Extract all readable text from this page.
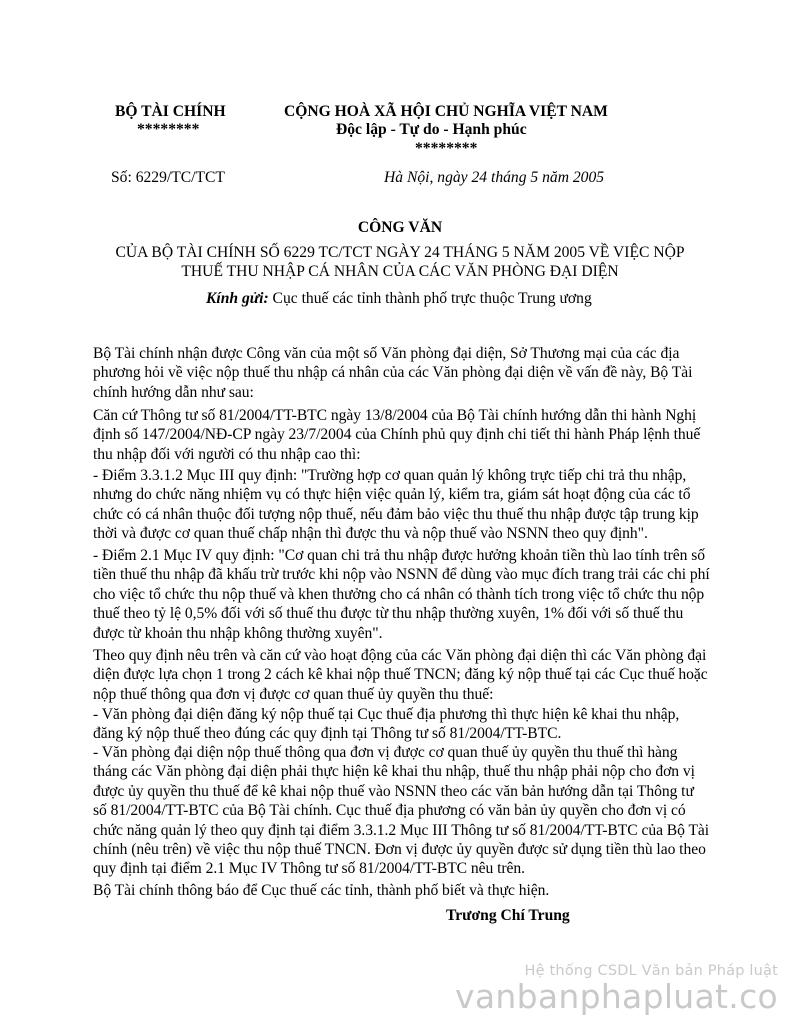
BỘ TÀI CHÍNH
********
CỘNG HOÀ XÃ HỘI CHỦ NGHĨA VIỆT NAM
Độc lập - Tự do - Hạnh phúc
********
Số: 6229/TC/TCT	Hà Nội, ngày 24 tháng 5 năm 2005
CÔNG VĂN
CỦA BỘ TÀI CHÍNH SỐ 6229 TC/TCT NGÀY 24 THÁNG 5 NĂM 2005 VỀ VIỆC NỘP
THUẾ THU NHẬP CÁ NHÂN CỦA CÁC VĂN PHÒNG ĐẠI DIỆN
Kính gửi: Cục thuế các tỉnh thành phố trực thuộc Trung ương

Bộ Tài chính nhận được Công văn của một số Văn phòng đại diện, Sở Thương mại của các địa phương hỏi về việc nộp thuế thu nhập cá nhân của các Văn phòng đại diện về vấn đề này, Bộ Tài chính hướng dẫn như sau:

Căn cứ Thông tư số 81/2004/TT-BTC ngày 13/8/2004 của Bộ Tài chính hướng dẫn thi hành Nghị định số 147/2004/NĐ-CP ngày 23/7/2004 của Chính phủ quy định chi tiết thi hành Pháp lệnh thuế thu nhập đối với người có thu nhập cao thì:

- Điểm 3.3.1.2 Mục III quy định: "Trường hợp cơ quan quản lý không trực tiếp chi trả thu nhập, nhưng do chức năng nhiệm vụ có thực hiện việc quản lý, kiểm tra, giám sát hoạt động của các tổ chức có cá nhân thuộc đối tượng nộp thuế, nếu đảm bảo việc thu thuế thu nhập được tập trung kịp thời và được cơ quan thuế chấp nhận thì được thu và nộp thuế vào NSNN theo quy định".

- Điểm 2.1 Mục IV quy định: "Cơ quan chi trả thu nhập được hưởng khoản tiền thù lao tính trên số tiền thuế thu nhập đã khấu trừ trước khi nộp vào NSNN để dùng vào mục đích trang trải các chi phí cho việc tổ chức thu nộp thuế và khen thưởng cho cá nhân có thành tích trong việc tổ chức thu nộp thuế theo tỷ lệ 0,5% đối với số thuế thu được từ thu nhập thường xuyên, 1% đối với số thuế thu được từ khoản thu nhập không thường xuyên".

Theo quy định nêu trên và căn cứ vào hoạt động của các Văn phòng đại diện thì các Văn phòng đại diện được lựa chọn 1 trong 2 cách kê khai nộp thuế TNCN; đăng ký nộp thuế tại các Cục thuế hoặc nộp thuế thông qua đơn vị được cơ quan thuế ủy quyền thu thuế:

- Văn phòng đại diện đăng ký nộp thuế tại Cục thuế địa phương thì thực hiện kê khai thu nhập, đăng ký nộp thuế theo đúng các quy định tại Thông tư số 81/2004/TT-BTC.

- Văn phòng đại diện nộp thuế thông qua đơn vị được cơ quan thuế ủy quyền thu thuế thì hàng tháng các Văn phòng đại diện phải thực hiện kê khai thu nhập, thuế thu nhập phải nộp cho đơn vị được ủy quyền thu thuế để kê khai nộp thuế vào NSNN theo các văn bản hướng dẫn tại Thông tư số 81/2004/TT-BTC của Bộ Tài chính. Cục thuế địa phương có văn bản ủy quyền cho đơn vị có chức năng quản lý theo quy định tại điểm 3.3.1.2 Mục III Thông tư số 81/2004/TT-BTC của Bộ Tài chính (nêu trên) về việc thu nộp thuế TNCN. Đơn vị được ủy quyền được sử dụng tiền thù lao theo quy định tại điểm 2.1 Mục IV Thông tư số 81/2004/TT-BTC nêu trên.

Bộ Tài chính thông báo để Cục thuế các tỉnh, thành phố biết và thực hiện.

Trương Chí Trung
Hệ thống CSDL Văn bản Pháp luật
vanbanphapluat.co
